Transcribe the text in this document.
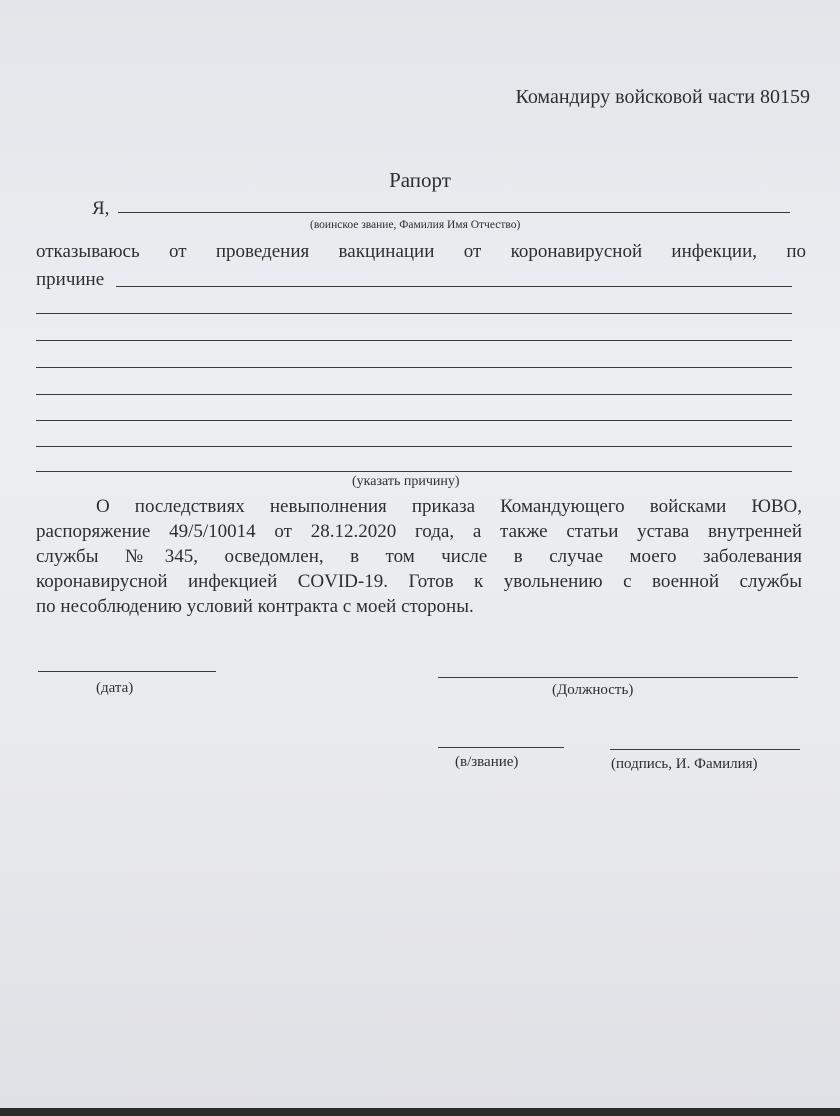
Командиру войсковой части 80159
Рапорт
Я,
(воинское звание, Фамилия Имя Отчество)
отказываюсь от проведения вакцинации от коронавирусной инфекции, по
причине
(указать причину)
О последствиях невыполнения приказа Командующего войсками ЮВО,
распоряжение 49/5/10014 от 28.12.2020 года, а также статьи устава внутренней
службы №345, осведомлен, в том числе в случае моего заболевания
коронавирусной инфекцией COVID-19. Готов к увольнению с военной службы
по несоблюдению условий контракта с моей стороны.
(дата)	(Должность)
(в/звание)	(подпись, И. Фамилия)
